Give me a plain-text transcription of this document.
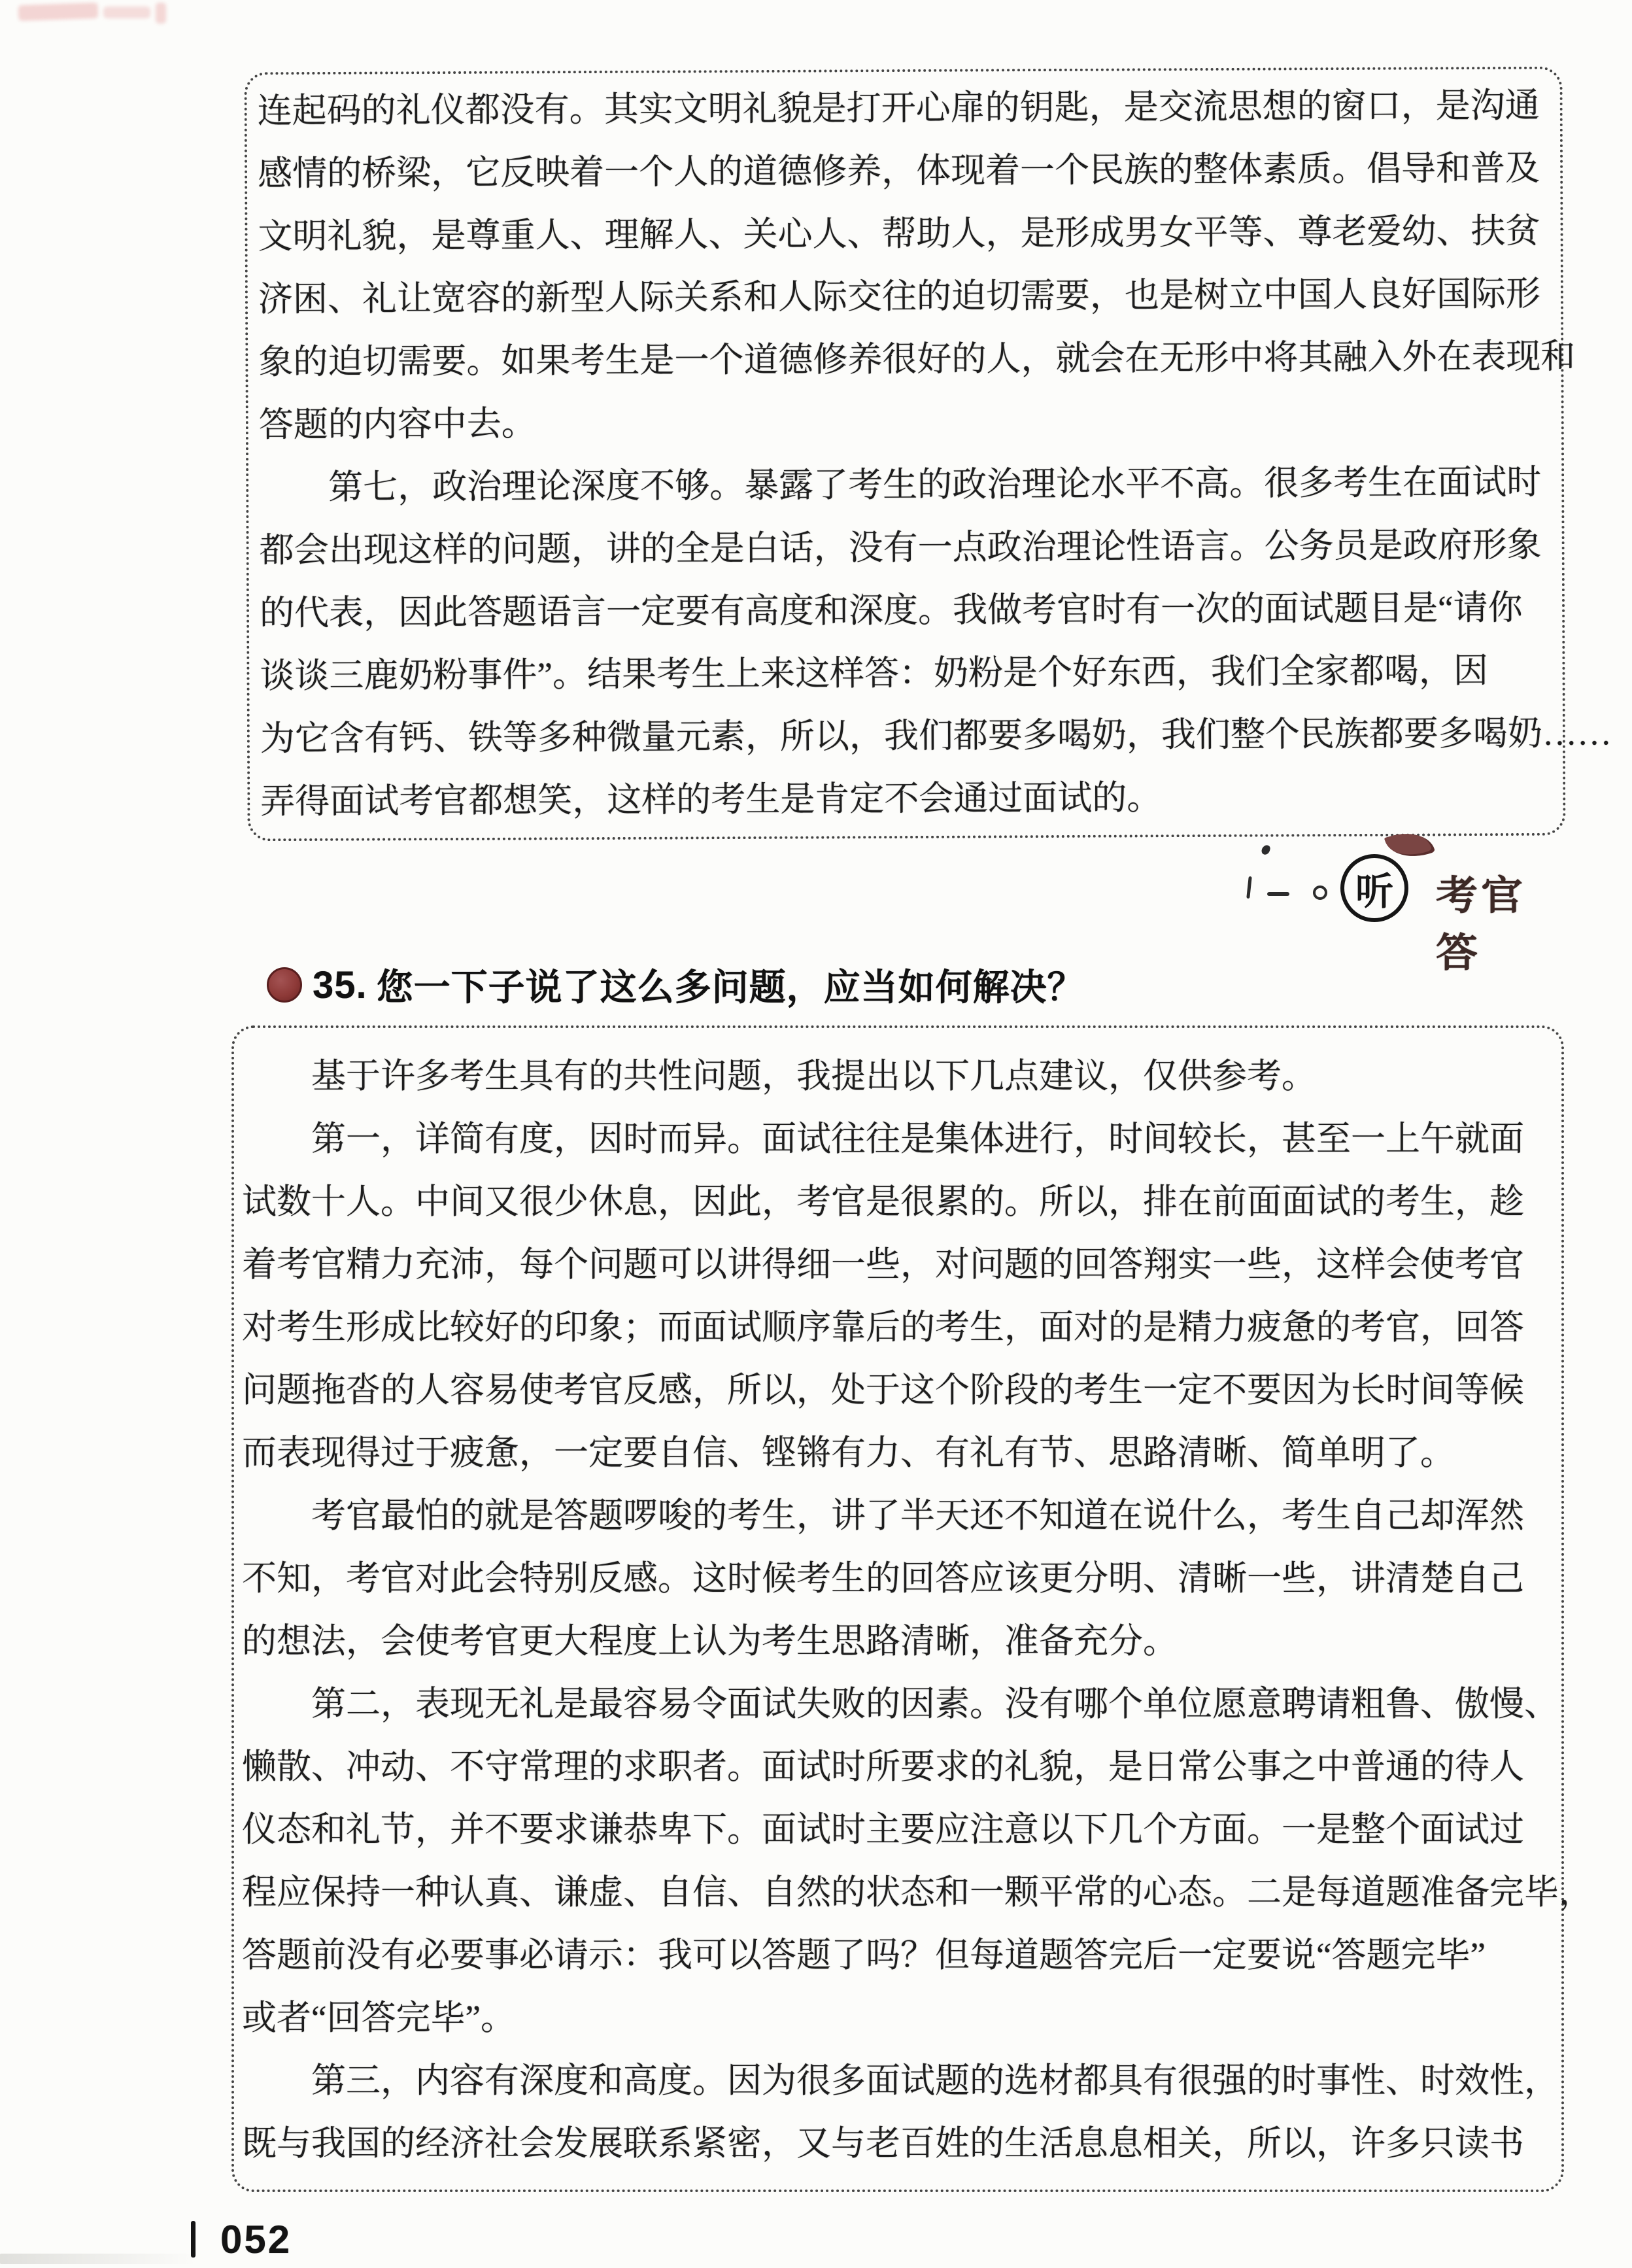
连起码的礼仪都没有。其实文明礼貌是打开心扉的钥匙，是交流思想的窗口，是沟通
感情的桥梁，它反映着一个人的道德修养，体现着一个民族的整体素质。倡导和普及
文明礼貌，是尊重人、理解人、关心人、帮助人，是形成男女平等、尊老爱幼、扶贫
济困、礼让宽容的新型人际关系和人际交往的迫切需要，也是树立中国人良好国际形
象的迫切需要。如果考生是一个道德修养很好的人，就会在无形中将其融入外在表现和
答题的内容中去。
　　第七，政治理论深度不够。暴露了考生的政治理论水平不高。很多考生在面试时
都会出现这样的问题，讲的全是白话，没有一点政治理论性语言。公务员是政府形象
的代表，因此答题语言一定要有高度和深度。我做考官时有一次的面试题目是“请你
谈谈三鹿奶粉事件”。结果考生上来这样答：奶粉是个好东西，我们全家都喝，因
为它含有钙、铁等多种微量元素，所以，我们都要多喝奶，我们整个民族都要多喝奶……
弄得面试考官都想笑，这样的考生是肯定不会通过面试的。
听 考官答
35. 您一下子说了这么多问题，应当如何解决？
　　基于许多考生具有的共性问题，我提出以下几点建议，仅供参考。
　　第一，详简有度，因时而异。面试往往是集体进行，时间较长，甚至一上午就面
试数十人。中间又很少休息，因此，考官是很累的。所以，排在前面面试的考生，趁
着考官精力充沛，每个问题可以讲得细一些，对问题的回答翔实一些，这样会使考官
对考生形成比较好的印象；而面试顺序靠后的考生，面对的是精力疲惫的考官，回答
问题拖沓的人容易使考官反感，所以，处于这个阶段的考生一定不要因为长时间等候
而表现得过于疲惫，一定要自信、铿锵有力、有礼有节、思路清晰、简单明了。
　　考官最怕的就是答题啰唆的考生，讲了半天还不知道在说什么，考生自己却浑然
不知，考官对此会特别反感。这时候考生的回答应该更分明、清晰一些，讲清楚自己
的想法，会使考官更大程度上认为考生思路清晰，准备充分。
　　第二，表现无礼是最容易令面试失败的因素。没有哪个单位愿意聘请粗鲁、傲慢、
懒散、冲动、不守常理的求职者。面试时所要求的礼貌，是日常公事之中普通的待人
仪态和礼节，并不要求谦恭卑下。面试时主要应注意以下几个方面。一是整个面试过
程应保持一种认真、谦虚、自信、自然的状态和一颗平常的心态。二是每道题准备完毕，
答题前没有必要事必请示：我可以答题了吗？但每道题答完后一定要说“答题完毕”
或者“回答完毕”。
　　第三，内容有深度和高度。因为很多面试题的选材都具有很强的时事性、时效性，
既与我国的经济社会发展联系紧密，又与老百姓的生活息息相关，所以，许多只读书
052
